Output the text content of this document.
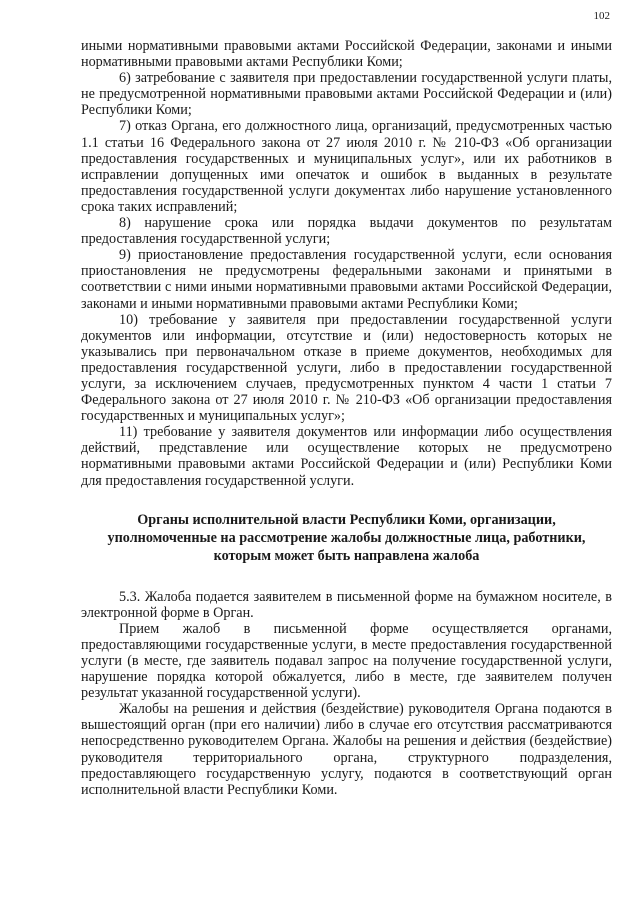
102

иными нормативными правовыми актами Российской Федерации, законами и иными нормативными правовыми актами Республики Коми;

6) затребование с заявителя при предоставлении государственной услуги платы, не предусмотренной нормативными правовыми актами Российской Федерации и (или) Республики Коми;

7) отказ Органа, его должностного лица, организаций, предусмотренных частью 1.1 статьи 16 Федерального закона от 27 июля 2010 г. № 210-ФЗ «Об организации предоставления государственных и муниципальных услуг», или их работников в исправлении допущенных ими опечаток и ошибок в выданных в результате предоставления государственной услуги документах либо нарушение установленного срока таких исправлений;

8) нарушение срока или порядка выдачи документов по результатам предоставления государственной услуги;

9) приостановление предоставления государственной услуги, если основания приостановления не предусмотрены федеральными законами и принятыми в соответствии с ними иными нормативными правовыми актами Российской Федерации, законами и иными нормативными правовыми актами Республики Коми;

10) требование у заявителя при предоставлении государственной услуги документов или информации, отсутствие и (или) недостоверность которых не указывались при первоначальном отказе в приеме документов, необходимых для предоставления государственной услуги, либо в предоставлении государственной услуги, за исключением случаев, предусмотренных пунктом 4 части 1 статьи 7 Федерального закона от 27 июля 2010 г. № 210-ФЗ «Об организации предоставления государственных и муниципальных услуг»;

11) требование у заявителя документов или информации либо осуществления действий, представление или осуществление которых не предусмотрено нормативными правовыми актами Российской Федерации и (или) Республики Коми для предоставления государственной услуги.

Органы исполнительной власти Республики Коми, организации, уполномоченные на рассмотрение жалобы должностные лица, работники, которым может быть направлена жалоба

5.3. Жалоба подается заявителем в письменной форме на бумажном носителе, в электронной форме в Орган.

Прием жалоб в письменной форме осуществляется органами, предоставляющими государственные услуги, в месте предоставления государственной услуги (в месте, где заявитель подавал запрос на получение государственной услуги, нарушение порядка которой обжалуется, либо в месте, где заявителем получен результат указанной государственной услуги).

Жалобы на решения и действия (бездействие) руководителя Органа подаются в вышестоящий орган (при его наличии) либо в случае его отсутствия рассматриваются непосредственно руководителем Органа. Жалобы на решения и действия (бездействие) руководителя территориального органа, структурного подразделения, предоставляющего государственную услугу, подаются в соответствующий орган исполнительной власти Республики Коми.
